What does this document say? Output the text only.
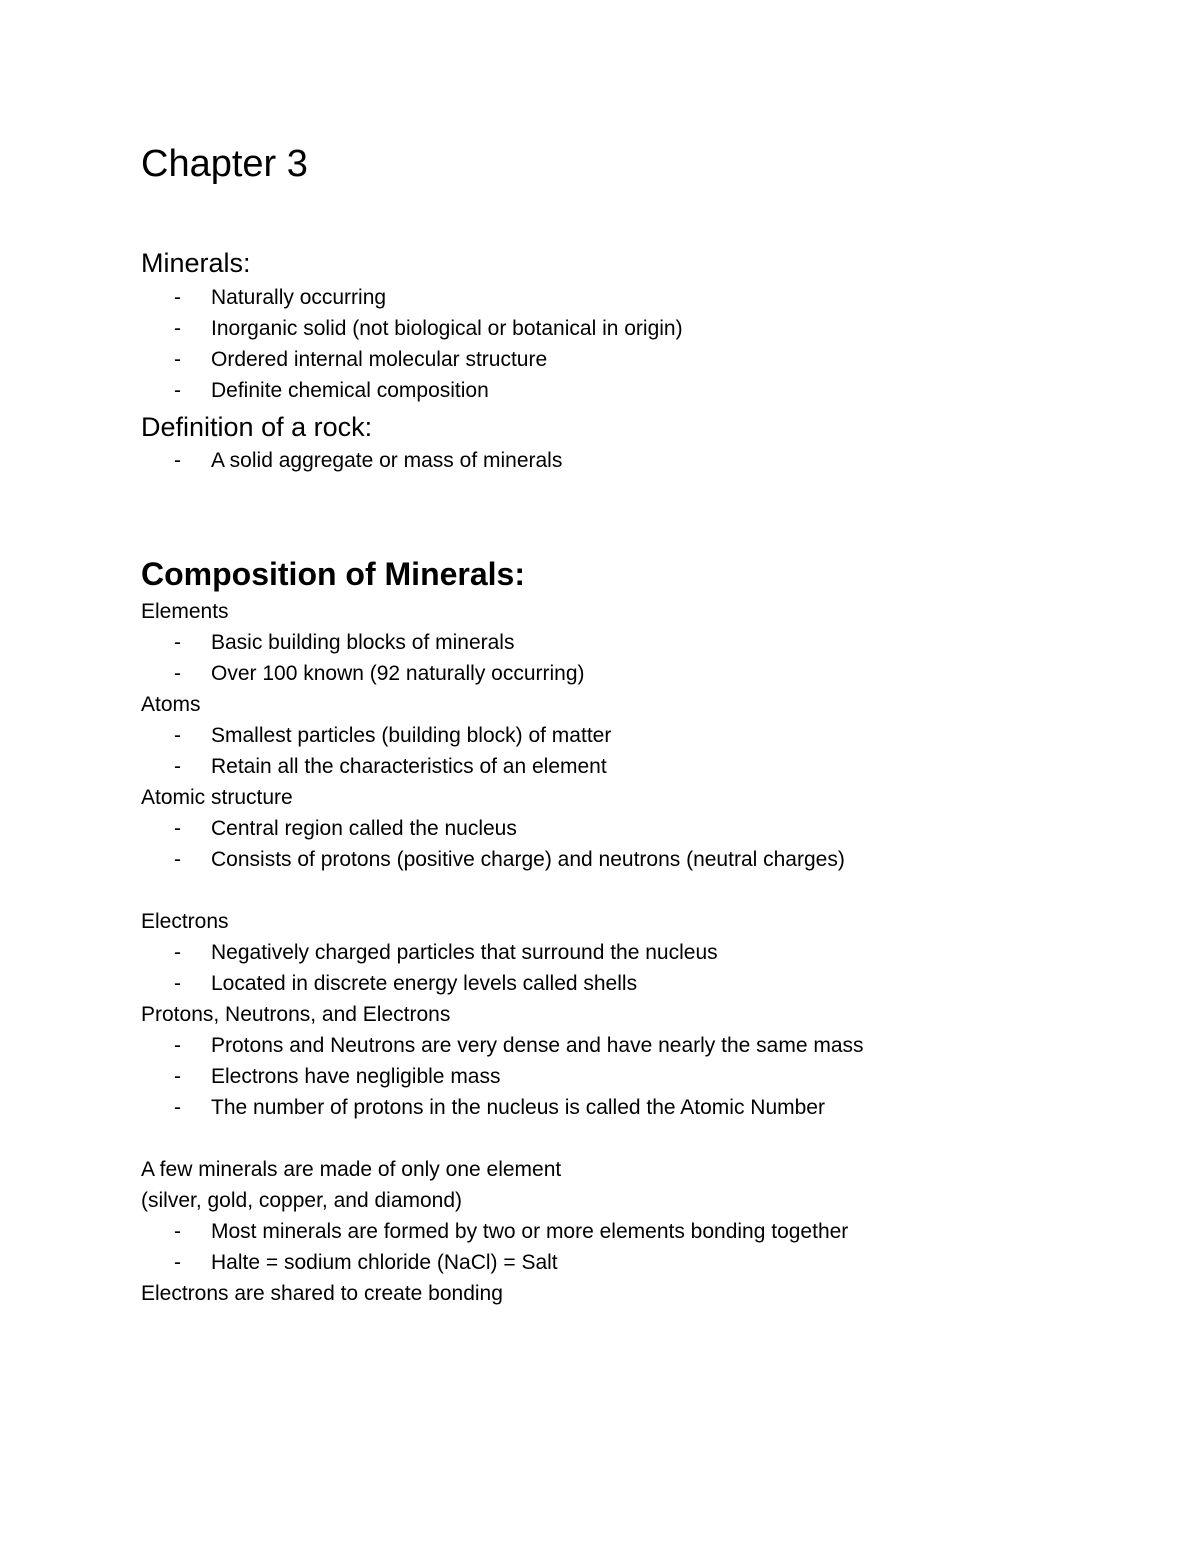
Chapter 3
Minerals:
- Naturally occurring
- Inorganic solid (not biological or botanical in origin)
- Ordered internal molecular structure
- Definite chemical composition
Definition of a rock:
- A solid aggregate or mass of minerals
Composition of Minerals:
Elements
- Basic building blocks of minerals
- Over 100 known (92 naturally occurring)
Atoms
- Smallest particles (building block) of matter
- Retain all the characteristics of an element
Atomic structure
- Central region called the nucleus
- Consists of protons (positive charge) and neutrons (neutral charges)
Electrons
- Negatively charged particles that surround the nucleus
- Located in discrete energy levels called shells
Protons, Neutrons, and Electrons
- Protons and Neutrons are very dense and have nearly the same mass
- Electrons have negligible mass
- The number of protons in the nucleus is called the Atomic Number
A few minerals are made of only one element
(silver, gold, copper, and diamond)
- Most minerals are formed by two or more elements bonding together
- Halte = sodium chloride (NaCl) = Salt
Electrons are shared to create bonding
